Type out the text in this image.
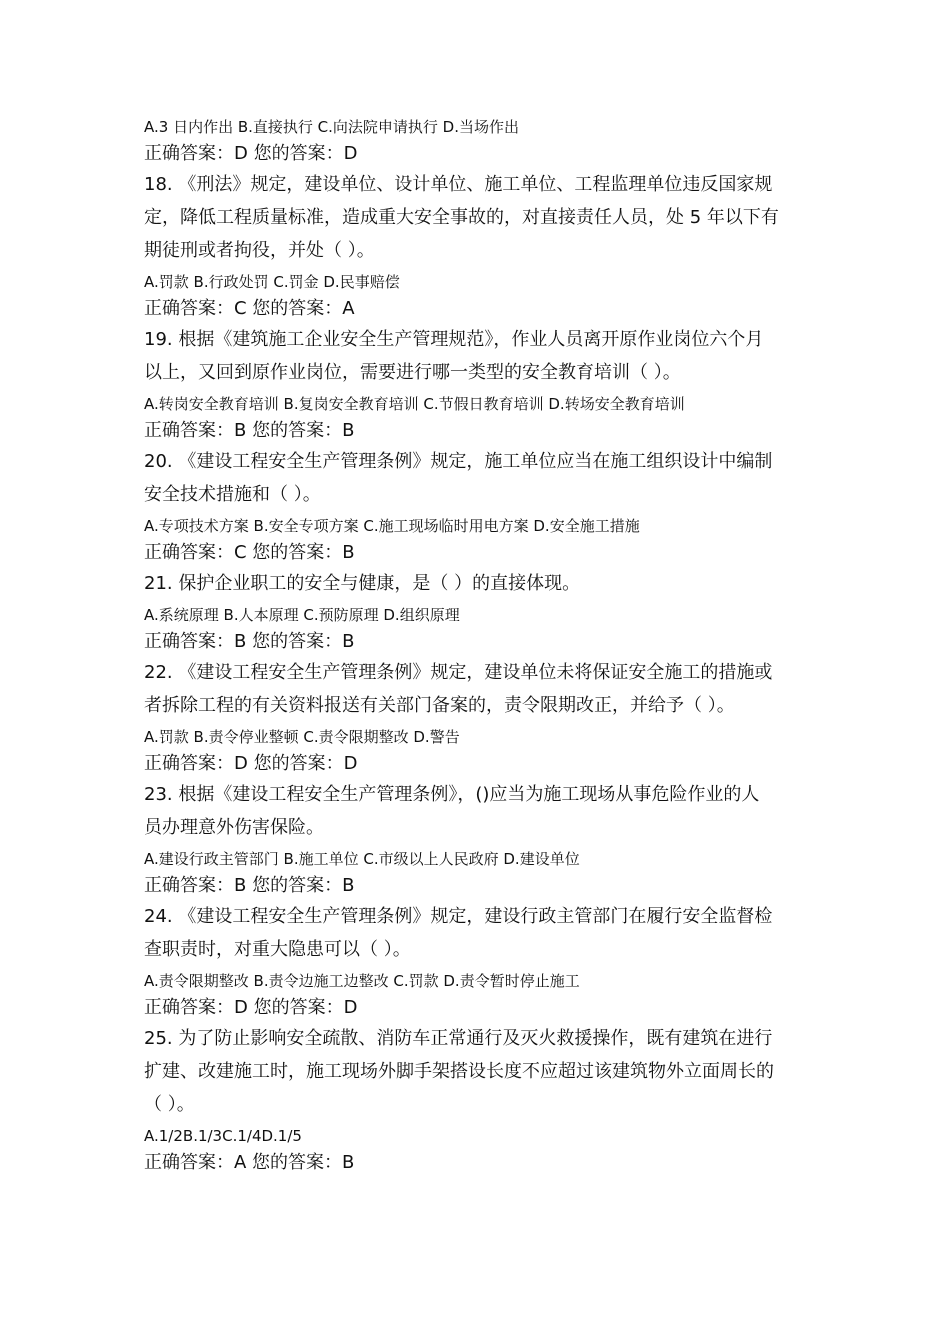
A.3 日内作出 B.直接执行 C.向法院申请执行 D.当场作出

正确答案：D 您的答案：D

18. 《刑法》规定，建设单位、设计单位、施工单位、工程监理单位违反国家规
定，降低工程质量标准，造成重大安全事故的，对直接责任人员，处 5 年以下有
期徒刑或者拘役，并处（ ）。

A.罚款 B.行政处罚 C.罚金 D.民事赔偿

正确答案：C 您的答案：A

19. 根据《建筑施工企业安全生产管理规范》，作业人员离开原作业岗位六个月
以上，又回到原作业岗位，需要进行哪一类型的安全教育培训（ ）。

A.转岗安全教育培训 B.复岗安全教育培训 C.节假日教育培训 D.转场安全教育培训

正确答案：B 您的答案：B

20. 《建设工程安全生产管理条例》规定，施工单位应当在施工组织设计中编制
安全技术措施和（ ）。

A.专项技术方案 B.安全专项方案 C.施工现场临时用电方案 D.安全施工措施

正确答案：C 您的答案：B

21. 保护企业职工的安全与健康，是（ ）的直接体现。

A.系统原理 B.人本原理 C.预防原理 D.组织原理

正确答案：B 您的答案：B

22. 《建设工程安全生产管理条例》规定，建设单位未将保证安全施工的措施或
者拆除工程的有关资料报送有关部门备案的，责令限期改正，并给予（ ）。

A.罚款 B.责令停业整顿 C.责令限期整改 D.警告

正确答案：D 您的答案：D

23. 根据《建设工程安全生产管理条例》，()应当为施工现场从事危险作业的人
员办理意外伤害保险。

A.建设行政主管部门 B.施工单位 C.市级以上人民政府 D.建设单位

正确答案：B 您的答案：B

24. 《建设工程安全生产管理条例》规定，建设行政主管部门在履行安全监督检
查职责时，对重大隐患可以（ ）。

A.责令限期整改 B.责令边施工边整改 C.罚款 D.责令暂时停止施工

正确答案：D 您的答案：D

25. 为了防止影响安全疏散、消防车正常通行及灭火救援操作，既有建筑在进行
扩建、改建施工时，施工现场外脚手架搭设长度不应超过该建筑物外立面周长的
（ ）。

A.1/2B.1/3C.1/4D.1/5

正确答案：A 您的答案：B
